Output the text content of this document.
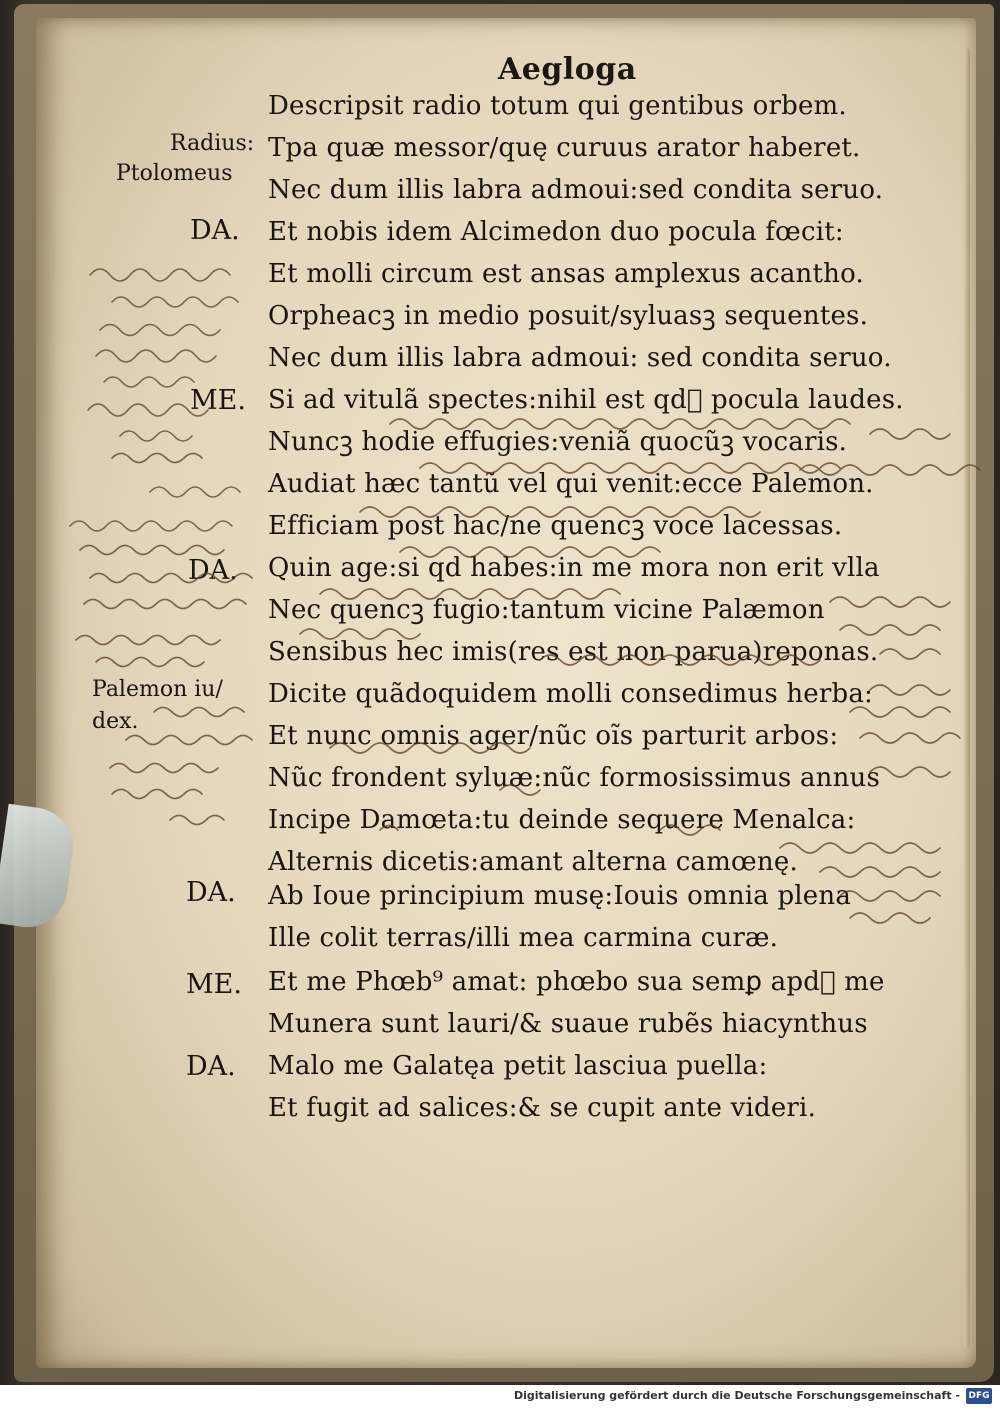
Aegloga
DA.
ME.
DA.
DA.
ME.
DA.
Radius:
Ptolomeus
Palemon iu/
dex.
Descripsit radio totum qui gentibus orbem.
Tpa quæ messor/quę curuus arator haberet.
Nec dum illis labra admoui:sed condita seruo.
Et nobis idem Alcimedon duo pocula fœcit:
Et molli circum est ansas amplexus acantho.
Orpheacꝫ in medio posuit/syluasꝫ sequentes.
Nec dum illis labra admoui: sed condita seruo.
Si ad vitulã spectes:nihil est qd᷑ pocula laudes.
Nuncꝫ hodie effugies:veniã quocũꝫ vocaris.
Audiat hæc tantũ vel qui venit:ecce Palemon.
Efficiam post hac/ne quencꝫ voce lacessas.
Quin age:si qd habes:in me mora non erit vlla
Nec quencꝫ fugio:tantum vicine Palæmon
Sensibus hec imis(res est non parua)reponas.
Dicite quãdoquidem molli consedimus herba:
Et nunc omnis ager/nũc oĩs parturit arbos:
Nũc frondent syluæ:nũc formosissimus annus
Incipe Damœta:tu deinde sequere Menalca:
Alternis dicetis:amant alterna camœnę.
Ab Ioue principium musę:Iouis omnia plena
Ille colit terras/illi mea carmina curæ.
Et me Phœb⁹ amat: phœbo sua semꝑ apd᷑ me
Munera sunt lauri/& suaue rubẽs hiacynthus
Malo me Galatęa petit lasciua puella:
Et fugit ad salices:& se cupit ante videri.
Digitalisierung gefördert durch die Deutsche Forschungsgemeinschaft - DFG
